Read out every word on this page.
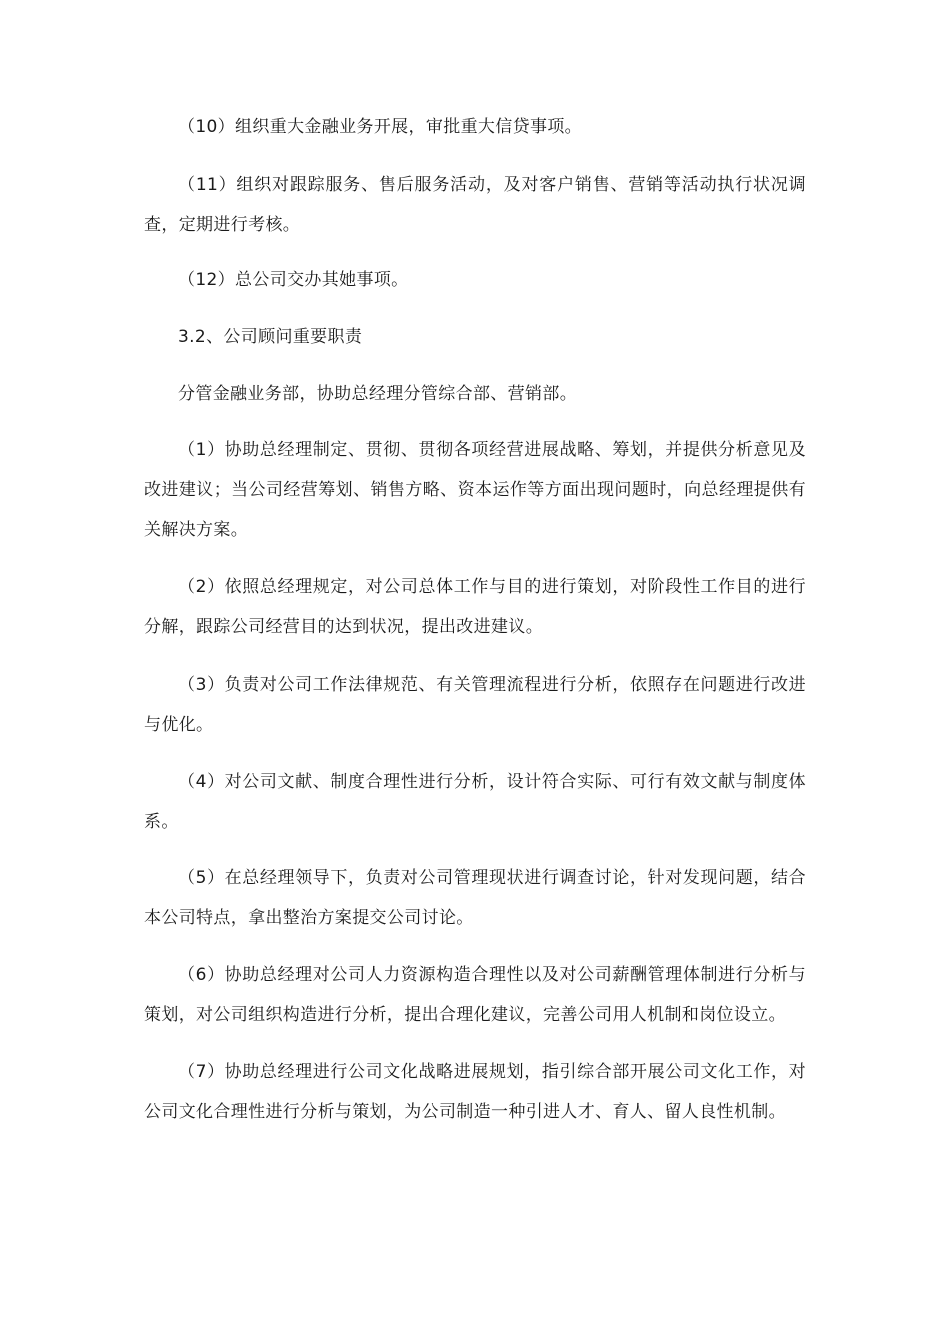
（10）组织重大金融业务开展，审批重大信贷事项。

（11）组织对跟踪服务、售后服务活动，及对客户销售、营销等活动执行状况调查，定期进行考核。

（12）总公司交办其她事项。

3.2、公司顾问重要职责

分管金融业务部，协助总经理分管综合部、营销部。

（1）协助总经理制定、贯彻、贯彻各项经营进展战略、筹划，并提供分析意见及改进建议；当公司经营筹划、销售方略、资本运作等方面出现问题时，向总经理提供有关解决方案。

（2）依照总经理规定，对公司总体工作与目的进行策划，对阶段性工作目的进行分解，跟踪公司经营目的达到状况，提出改进建议。

（3）负责对公司工作法律规范、有关管理流程进行分析，依照存在问题进行改进与优化。

（4）对公司文献、制度合理性进行分析，设计符合实际、可行有效文献与制度体系。

（5）在总经理领导下，负责对公司管理现状进行调查讨论，针对发现问题，结合本公司特点，拿出整治方案提交公司讨论。

（6）协助总经理对公司人力资源构造合理性以及对公司薪酬管理体制进行分析与策划，对公司组织构造进行分析，提出合理化建议，完善公司用人机制和岗位设立。

（7）协助总经理进行公司文化战略进展规划，指引综合部开展公司文化工作，对公司文化合理性进行分析与策划，为公司制造一种引进人才、育人、留人良性机制。
